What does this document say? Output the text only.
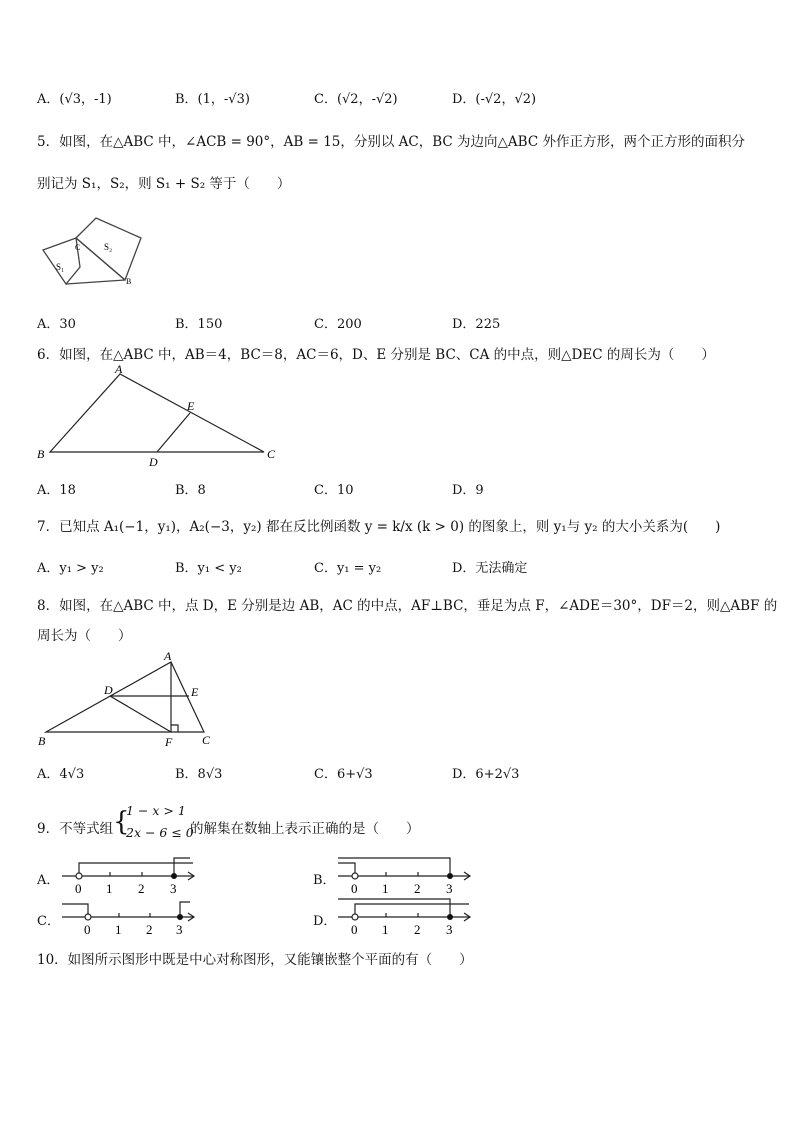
A．(√3，-1)	B．(1，-√3)	C．(√2，-√2)	D．(-√2，√2)
5．如图，在△ABC 中，∠ACB = 90°，AB = 15，分别以 AC，BC 为边向△ABC 外作正方形，两个正方形的面积分
别记为 S₁，S₂，则 S₁ + S₂ 等于（　　）
S₁
S₂
C
B
A．30	B．150	C．200	D．225
6．如图，在△ABC 中，AB＝4，BC＝8，AC＝6，D、E 分别是 BC、CA 的中点，则△DEC 的周长为（　　）
A
B	C
D
E
A．18	B．8	C．10	D．9
7．已知点 A₁(−1，y₁)，A₂(−3，y₂) 都在反比例函数 y = k/x (k > 0) 的图象上，则 y₁与 y₂ 的大小关系为(　　)
A．y₁ > y₂	B．y₁ < y₂	C．y₁ = y₂	D．无法确定
8．如图，在△ABC 中，点 D，E 分别是边 AB，AC 的中点，AF⊥BC，垂足为点 F，∠ADE＝30°，DF＝2，则△ABF 的
周长为（　　）
A
B	C
D	E
F
A．4√3	B．8√3	C．6+√3	D．6+2√3
9．不等式组 {
1 − x > 1
2x − 6 ≤ 0
的解集在数轴上表示正确的是（　　）
A．
0 1 2 3
B．
0 1 2 3
C．
0 1 2 3
D．
0 1 2 3
10．如图所示图形中既是中心对称图形，又能镶嵌整个平面的有（　　）
